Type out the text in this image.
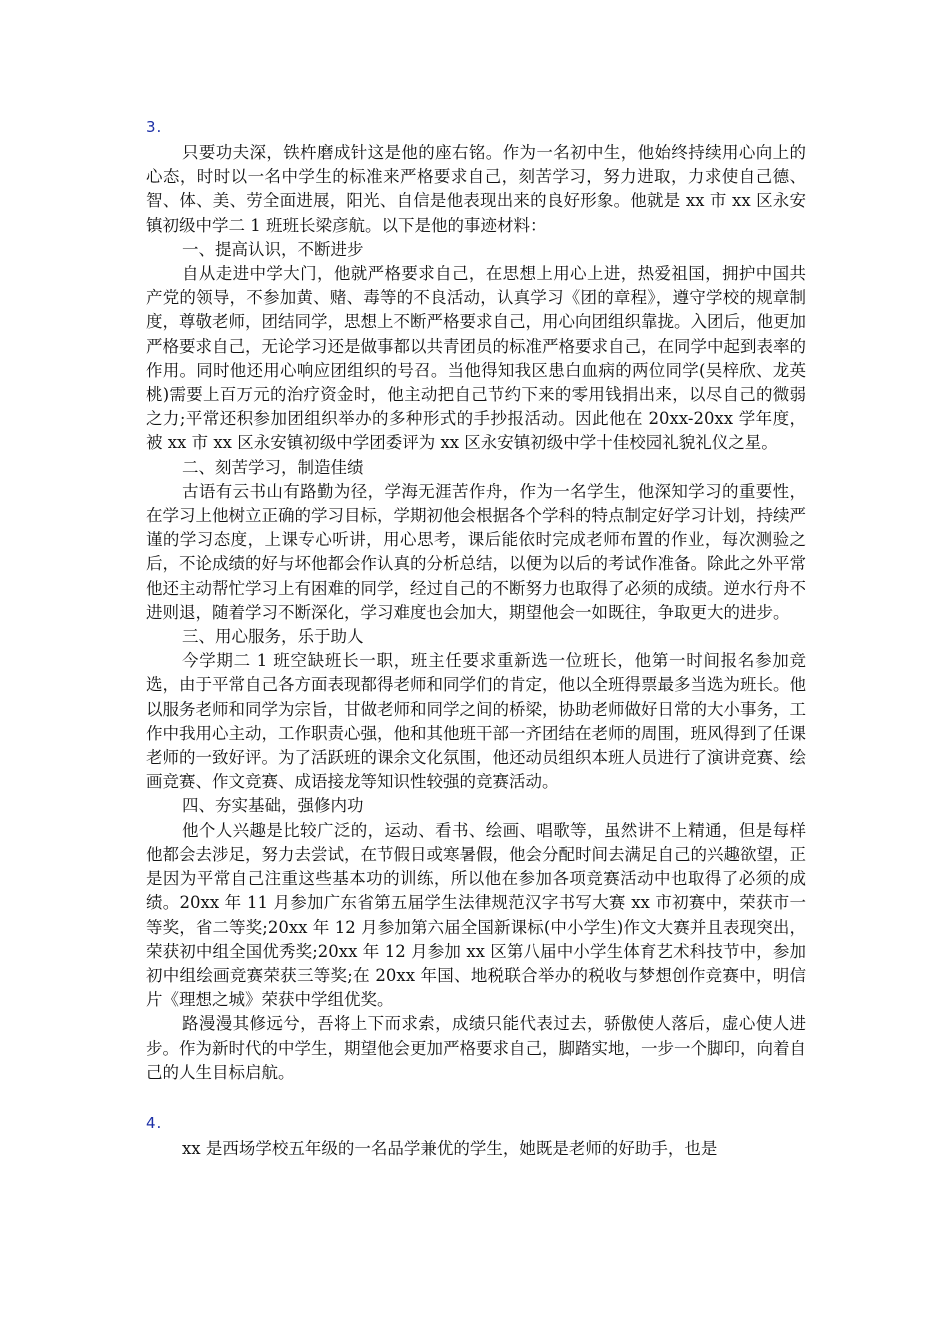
3.

只要功夫深，铁杵磨成针这是他的座右铭。作为一名初中生，他始终持续用心向上的心态，时时以一名中学生的标准来严格要求自己，刻苦学习，努力进取，力求使自己德、智、体、美、劳全面进展，阳光、自信是他表现出来的良好形象。他就是 xx 市 xx 区永安镇初级中学二 1 班班长梁彦航。以下是他的事迹材料：

一、提高认识，不断进步

自从走进中学大门，他就严格要求自己，在思想上用心上进，热爱祖国，拥护中国共产党的领导，不参加黄、赌、毒等的不良活动，认真学习《团的章程》，遵守学校的规章制度，尊敬老师，团结同学，思想上不断严格要求自己，用心向团组织靠拢。入团后，他更加严格要求自己，无论学习还是做事都以共青团员的标准严格要求自己，在同学中起到表率的作用。同时他还用心响应团组织的号召。当他得知我区患白血病的两位同学(吴梓欣、龙英桃)需要上百万元的治疗资金时，他主动把自己节约下来的零用钱捐出来，以尽自己的微弱之力;平常还积参加团组织举办的多种形式的手抄报活动。因此他在 20xx-20xx 学年度，被 xx 市 xx 区永安镇初级中学团委评为 xx 区永安镇初级中学十佳校园礼貌礼仪之星。

二、刻苦学习，制造佳绩

古语有云书山有路勤为径，学海无涯苦作舟，作为一名学生，他深知学习的重要性，在学习上他树立正确的学习目标，学期初他会根据各个学科的特点制定好学习计划，持续严谨的学习态度，上课专心听讲，用心思考，课后能依时完成老师布置的作业，每次测验之后，不论成绩的好与坏他都会作认真的分析总结，以便为以后的考试作准备。除此之外平常他还主动帮忙学习上有困难的同学，经过自己的不断努力也取得了必须的成绩。逆水行舟不进则退，随着学习不断深化，学习难度也会加大，期望他会一如既往，争取更大的进步。

三、用心服务，乐于助人

今学期二 1 班空缺班长一职，班主任要求重新选一位班长，他第一时间报名参加竞选，由于平常自己各方面表现都得老师和同学们的肯定，他以全班得票最多当选为班长。他以服务老师和同学为宗旨，甘做老师和同学之间的桥梁，协助老师做好日常的大小事务，工作中我用心主动，工作职责心强，他和其他班干部一齐团结在老师的周围，班风得到了任课老师的一致好评。为了活跃班的课余文化氛围，他还动员组织本班人员进行了演讲竞赛、绘画竞赛、作文竞赛、成语接龙等知识性较强的竞赛活动。

四、夯实基础，强修内功

他个人兴趣是比较广泛的，运动、看书、绘画、唱歌等，虽然讲不上精通，但是每样他都会去涉足，努力去尝试，在节假日或寒暑假，他会分配时间去满足自己的兴趣欲望，正是因为平常自己注重这些基本功的训练，所以他在参加各项竞赛活动中也取得了必须的成绩。20xx 年 11 月参加广东省第五届学生法律规范汉字书写大赛 xx 市初赛中，荣获市一等奖，省二等奖;20xx 年 12 月参加第六届全国新课标(中小学生)作文大赛并且表现突出，荣获初中组全国优秀奖;20xx 年 12 月参加 xx 区第八届中小学生体育艺术科技节中，参加初中组绘画竞赛荣获三等奖;在 20xx 年国、地税联合举办的税收与梦想创作竞赛中，明信片《理想之城》荣获中学组优奖。

路漫漫其修远兮，吾将上下而求索，成绩只能代表过去，骄傲使人落后，虚心使人进步。作为新时代的中学生，期望他会更加严格要求自己，脚踏实地，一步一个脚印，向着自己的人生目标启航。

4.

xx 是西场学校五年级的一名品学兼优的学生，她既是老师的好助手，也是
